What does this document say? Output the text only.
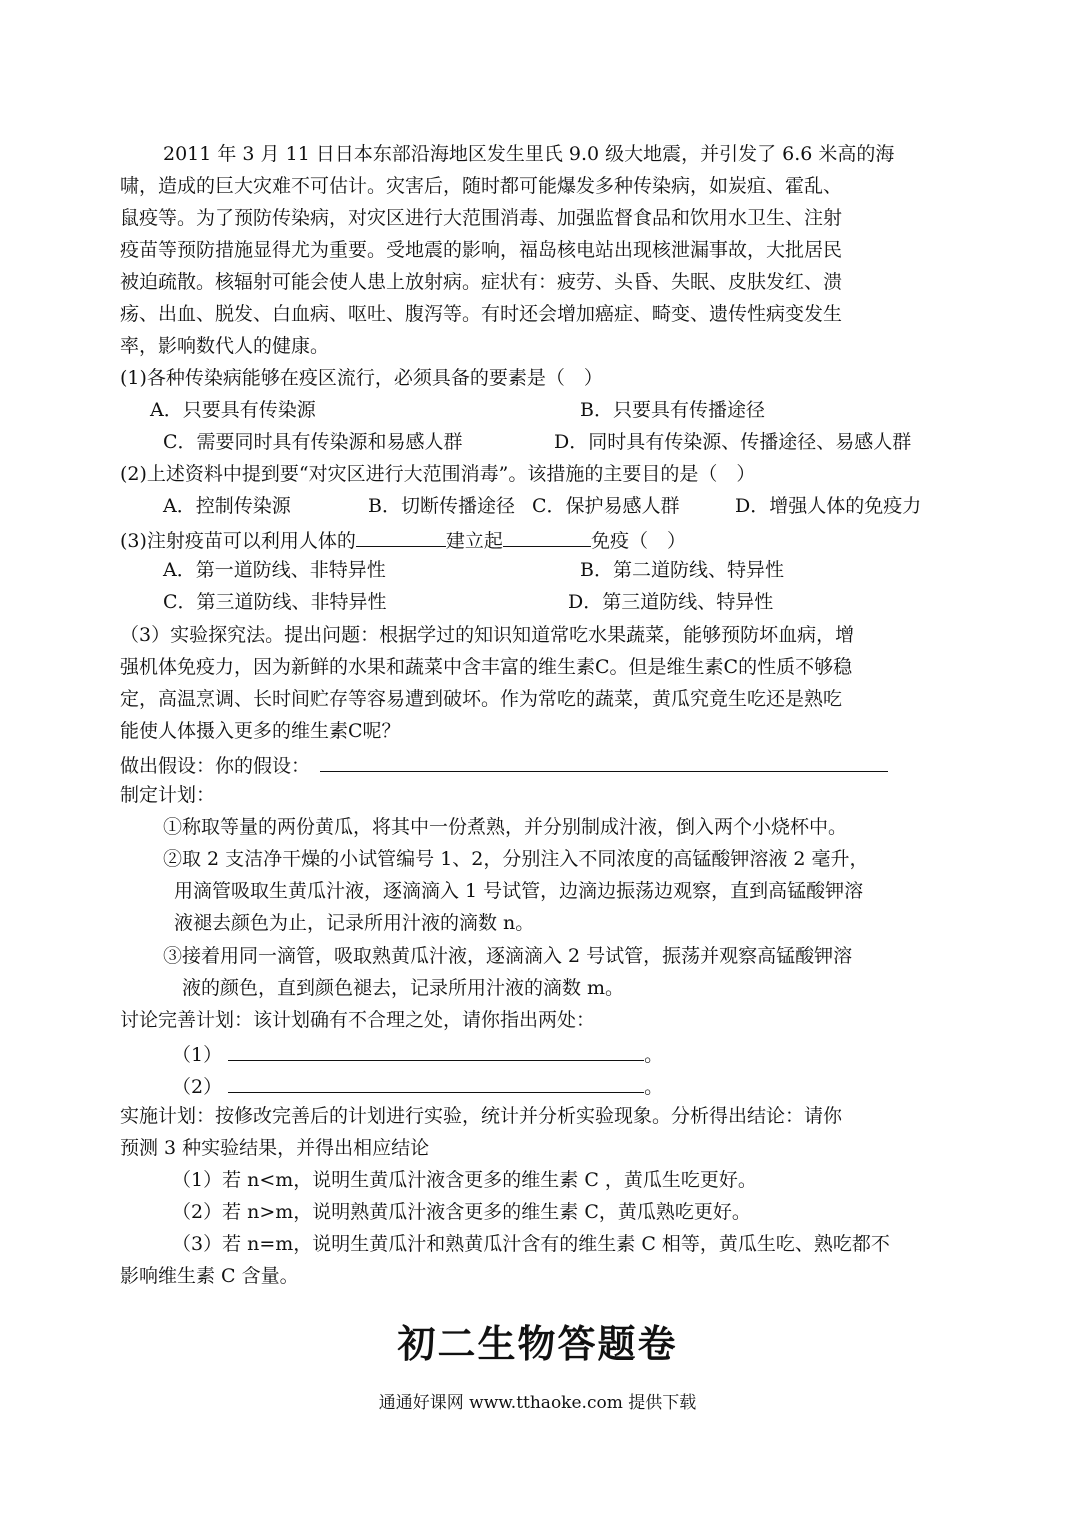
2011 年 3 月 11 日日本东部沿海地区发生里氏 9.0 级大地震，并引发了 6.6 米高的海
啸，造成的巨大灾难不可估计。灾害后，随时都可能爆发多种传染病，如炭疽、霍乱、
鼠疫等。为了预防传染病，对灾区进行大范围消毒、加强监督食品和饮用水卫生、注射
疫苗等预防措施显得尤为重要。受地震的影响，福岛核电站出现核泄漏事故，大批居民
被迫疏散。核辐射可能会使人患上放射病。症状有：疲劳、头昏、失眠、皮肤发红、溃
疡、出血、脱发、白血病、呕吐、腹泻等。有时还会增加癌症、畸变、遗传性病变发生
率，影响数代人的健康。
(1)各种传染病能够在疫区流行，必须具备的要素是（　）
A．只要具有传染源	B．只要具有传播途径
C．需要同时具有传染源和易感人群	D．同时具有传染源、传播途径、易感人群
(2)上述资料中提到要“对灾区进行大范围消毒”。该措施的主要目的是（　）
A．控制传染源	B．切断传播途径 C．保护易感人群	D．增强人体的免疫力
(3)注射疫苗可以利用人体的	建立起	免疫（　）
A．第一道防线、非特异性	B．第二道防线、特异性
C．第三道防线、非特异性	D．第三道防线、特异性
（3）实验探究法。提出问题：根据学过的知识知道常吃水果蔬菜，能够预防坏血病，增
强机体免疫力，因为新鲜的水果和蔬菜中含丰富的维生素C。但是维生素C的性质不够稳
定，高温烹调、长时间贮存等容易遭到破坏。作为常吃的蔬菜，黄瓜究竟生吃还是熟吃
能使人体摄入更多的维生素C呢？
做出假设：你的假设：
制定计划：
①称取等量的两份黄瓜，将其中一份煮熟，并分别制成汁液，倒入两个小烧杯中。
②取 2 支洁净干燥的小试管编号 1、2，分别注入不同浓度的高锰酸钾溶液 2 毫升，
用滴管吸取生黄瓜汁液，逐滴滴入 1 号试管，边滴边振荡边观察，直到高锰酸钾溶
液褪去颜色为止，记录所用汁液的滴数 n。
③接着用同一滴管，吸取熟黄瓜汁液，逐滴滴入 2 号试管，振荡并观察高锰酸钾溶
液的颜色，直到颜色褪去，记录所用汁液的滴数 m。
讨论完善计划：该计划确有不合理之处，请你指出两处：
（1）	。
（2）	。
实施计划：按修改完善后的计划进行实验，统计并分析实验现象。分析得出结论：请你
预测 3 种实验结果，并得出相应结论
（1）若 n<m，说明生黄瓜汁液含更多的维生素 C ，黄瓜生吃更好。
（2）若 n>m，说明熟黄瓜汁液含更多的维生素 C，黄瓜熟吃更好。
（3）若 n=m，说明生黄瓜汁和熟黄瓜汁含有的维生素 C 相等，黄瓜生吃、熟吃都不
影响维生素 C 含量。
初二生物答题卷
通通好课网 www.tthaoke.com 提供下载
